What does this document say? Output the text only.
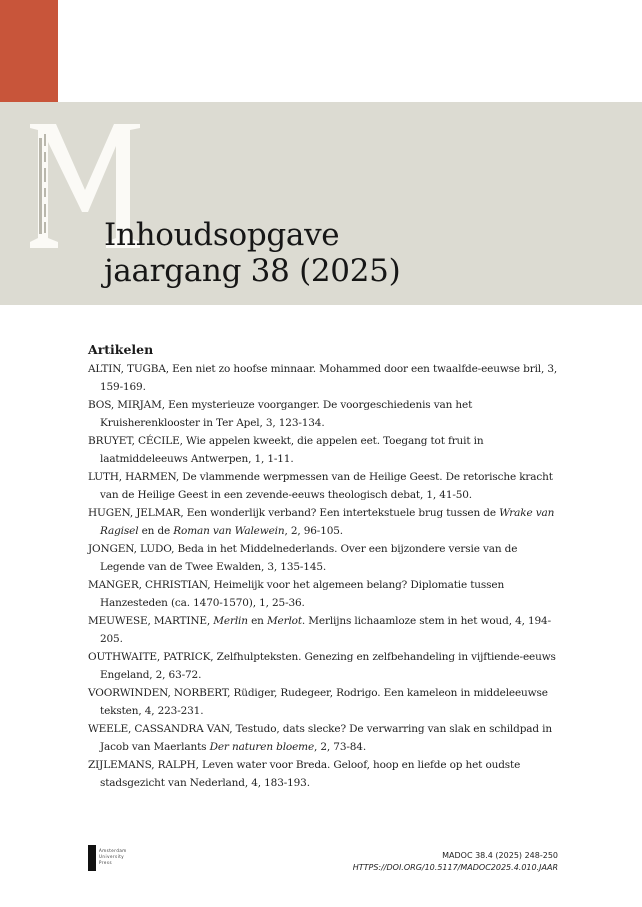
Inhoudsopgave
jaargang 38 (2025)
Artikelen

ALTIN, TUGBA, Een niet zo hoofse minnaar. Mohammed door een twaalfde-eeuwse bril, 3, 159-169.

BOS, MIRJAM, Een mysterieuze voorganger. De voorgeschiedenis van het Kruisherenklooster in Ter Apel, 3, 123-134.

BRUYET, CÉCILE, Wie appelen kweekt, die appelen eet. Toegang tot fruit in laatmiddeleeuws Antwerpen, 1, 1-11.

LUTH, HARMEN, De vlammende werpmessen van de Heilige Geest. De retorische kracht van de Heilige Geest in een zevende-eeuws theologisch debat, 1, 41-50.

HUGEN, JELMAR, Een wonderlijk verband? Een intertekstuele brug tussen de Wrake van Ragisel en de Roman van Walewein, 2, 96-105.

JONGEN, LUDO, Beda in het Middelnederlands. Over een bijzondere versie van de Legende van de Twee Ewalden, 3, 135-145.

MANGER, CHRISTIAN, Heimelijk voor het algemeen belang? Diplomatie tussen Hanzesteden (ca. 1470-1570), 1, 25-36.

MEUWESE, MARTINE, Merlin en Merlot. Merlijns lichaamloze stem in het woud, 4, 194-205.

OUTHWAITE, PATRICK, Zelfhulpteksten. Genezing en zelfbehandeling in vijftiende-eeuws Engeland, 2, 63-72.

VOORWINDEN, NORBERT, Rüdiger, Rudegeer, Rodrigo. Een kameleon in middeleeuwse teksten, 4, 223-231.

WEELE, CASSANDRA VAN, Testudo, dats slecke? De verwarring van slak en schildpad in Jacob van Maerlants Der naturen bloeme, 2, 73-84.

ZIJLEMANS, RALPH, Leven water voor Breda. Geloof, hoop en liefde op het oudste stadsgezicht van Nederland, 4, 183-193.

Amsterdam
University
Press
MADOC 38.4 (2025) 248-250
HTTPS://DOI.ORG/10.5117/MADOC2025.4.010.JAAR
